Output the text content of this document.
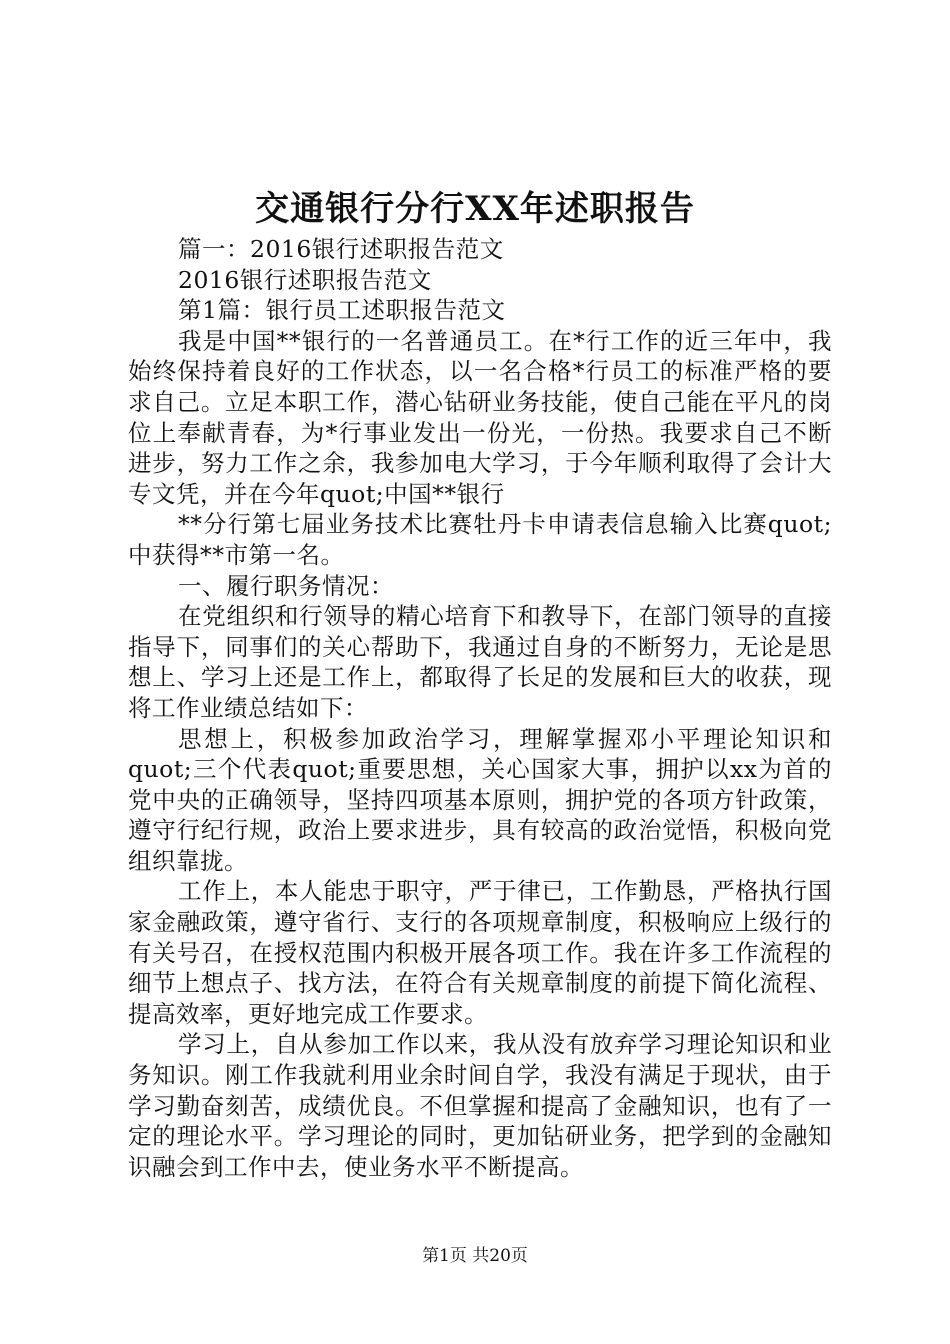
交通银行分行XX年述职报告

篇一：2016银行述职报告范文

2016银行述职报告范文

第1篇：银行员工述职报告范文

我是中国**银行的一名普通员工。在*行工作的近三年中，我始终保持着良好的工作状态，以一名合格*行员工的标准严格的要求自己。立足本职工作，潜心钻研业务技能，使自己能在平凡的岗位上奉献青春，为*行事业发出一份光，一份热。我要求自己不断进步，努力工作之余，我参加电大学习，于今年顺利取得了会计大专文凭，并在今年quot;中国**银行

**分行第七届业务技术比赛牡丹卡申请表信息输入比赛quot;中获得**市第一名。

一、履行职务情况：

在党组织和行领导的精心培育下和教导下，在部门领导的直接指导下，同事们的关心帮助下，我通过自身的不断努力，无论是思想上、学习上还是工作上，都取得了长足的发展和巨大的收获，现将工作业绩总结如下：

思想上，积极参加政治学习，理解掌握邓小平理论知识和quot;三个代表quot;重要思想，关心国家大事，拥护以xx为首的党中央的正确领导，坚持四项基本原则，拥护党的各项方针政策，遵守行纪行规，政治上要求进步，具有较高的政治觉悟，积极向党组织靠拢。

工作上，本人能忠于职守，严于律已，工作勤恳，严格执行国家金融政策，遵守省行、支行的各项规章制度，积极响应上级行的有关号召，在授权范围内积极开展各项工作。我在许多工作流程的细节上想点子、找方法，在符合有关规章制度的前提下简化流程、提高效率，更好地完成工作要求。

学习上，自从参加工作以来，我从没有放弃学习理论知识和业务知识。刚工作我就利用业余时间自学，我没有满足于现状，由于学习勤奋刻苦，成绩优良。不但掌握和提高了金融知识，也有了一定的理论水平。学习理论的同时，更加钻研业务，把学到的金融知识融会到工作中去，使业务水平不断提高。

第1页 共20页
